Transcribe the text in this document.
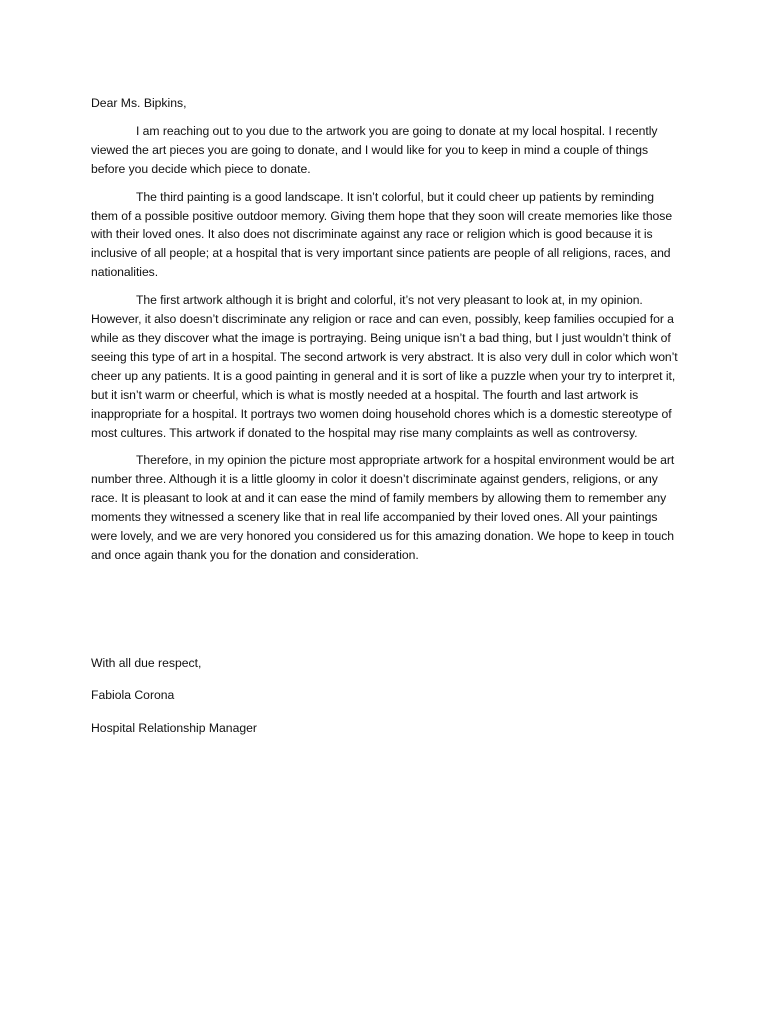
Dear Ms. Bipkins,

I am reaching out to you due to the artwork you are going to donate at my local hospital. I recently viewed the art pieces you are going to donate, and I would like for you to keep in mind a couple of things before you decide which piece to donate.

The third painting is a good landscape. It isn’t colorful, but it could cheer up patients by reminding them of a possible positive outdoor memory. Giving them hope that they soon will create memories like those with their loved ones. It also does not discriminate against any race or religion which is good because it is inclusive of all people; at a hospital that is very important since patients are people of all religions, races, and nationalities.

The first artwork although it is bright and colorful, it’s not very pleasant to look at, in my opinion. However, it also doesn’t discriminate any religion or race and can even, possibly, keep families occupied for a while as they discover what the image is portraying. Being unique isn’t a bad thing, but I just wouldn’t think of seeing this type of art in a hospital. The second artwork is very abstract. It is also very dull in color which won’t cheer up any patients. It is a good painting in general and it is sort of like a puzzle when your try to interpret it, but it isn’t warm or cheerful, which is what is mostly needed at a hospital. The fourth and last artwork is inappropriate for a hospital. It portrays two women doing household chores which is a domestic stereotype of most cultures. This artwork if donated to the hospital may rise many complaints as well as controversy.

Therefore, in my opinion the picture most appropriate artwork for a hospital environment would be art number three. Although it is a little gloomy in color it doesn’t discriminate against genders, religions, or any race. It is pleasant to look at and it can ease the mind of family members by allowing them to remember any moments they witnessed a scenery like that in real life accompanied by their loved ones. All your paintings were lovely, and we are very honored you considered us for this amazing donation. We hope to keep in touch and once again thank you for the donation and consideration.

With all due respect,

Fabiola Corona

Hospital Relationship Manager
